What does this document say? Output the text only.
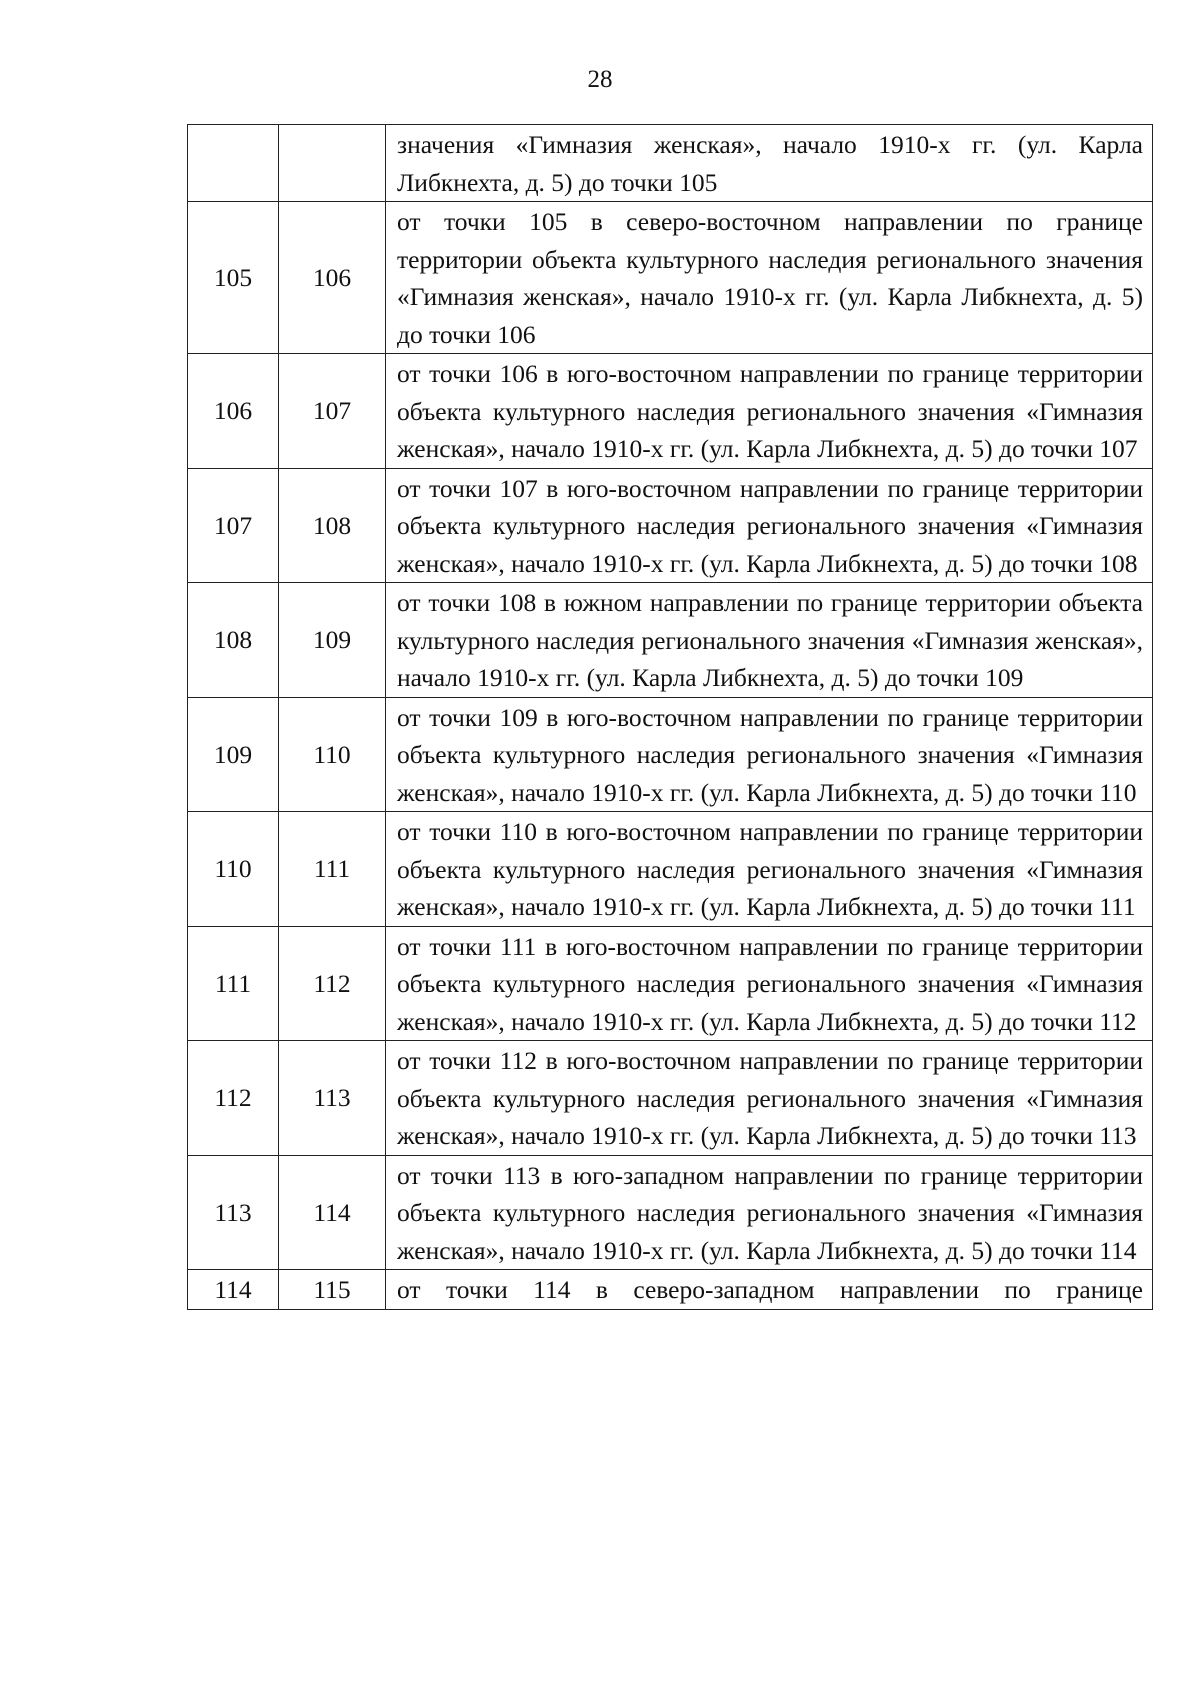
28
		значения «Гимназия женская», начало 1910-х гг. (ул. Карла Либкнехта, д. 5) до точки 105
105	106	от точки 105 в северо-восточном направлении по границе территории объекта культурного наследия регионального значения «Гимназия женская», начало 1910-х гг. (ул. Карла Либкнехта, д. 5) до точки 106
106	107	от точки 106 в юго-восточном направлении по границе территории объекта культурного наследия регионального значения «Гимназия женская», начало 1910-х гг. (ул. Карла Либкнехта, д. 5) до точки 107
107	108	от точки 107 в юго-восточном направлении по границе территории объекта культурного наследия регионального значения «Гимназия женская», начало 1910-х гг. (ул. Карла Либкнехта, д. 5) до точки 108
108	109	от точки 108 в южном направлении по границе территории объекта культурного наследия регионального значения «Гимназия женская», начало 1910-х гг. (ул. Карла Либкнехта, д. 5) до точки 109
109	110	от точки 109 в юго-восточном направлении по границе территории объекта культурного наследия регионального значения «Гимназия женская», начало 1910-х гг. (ул. Карла Либкнехта, д. 5) до точки 110
110	111	от точки 110 в юго-восточном направлении по границе территории объекта культурного наследия регионального значения «Гимназия женская», начало 1910-х гг. (ул. Карла Либкнехта, д. 5) до точки 111
111	112	от точки 111 в юго-восточном направлении по границе территории объекта культурного наследия регионального значения «Гимназия женская», начало 1910-х гг. (ул. Карла Либкнехта, д. 5) до точки 112
112	113	от точки 112 в юго-восточном направлении по границе территории объекта культурного наследия регионального значения «Гимназия женская», начало 1910-х гг. (ул. Карла Либкнехта, д. 5) до точки 113
113	114	от точки 113 в юго-западном направлении по границе территории объекта культурного наследия регионального значения «Гимназия женская», начало 1910-х гг. (ул. Карла Либкнехта, д. 5) до точки 114
114	115	от точки 114 в северо-западном направлении по границе
